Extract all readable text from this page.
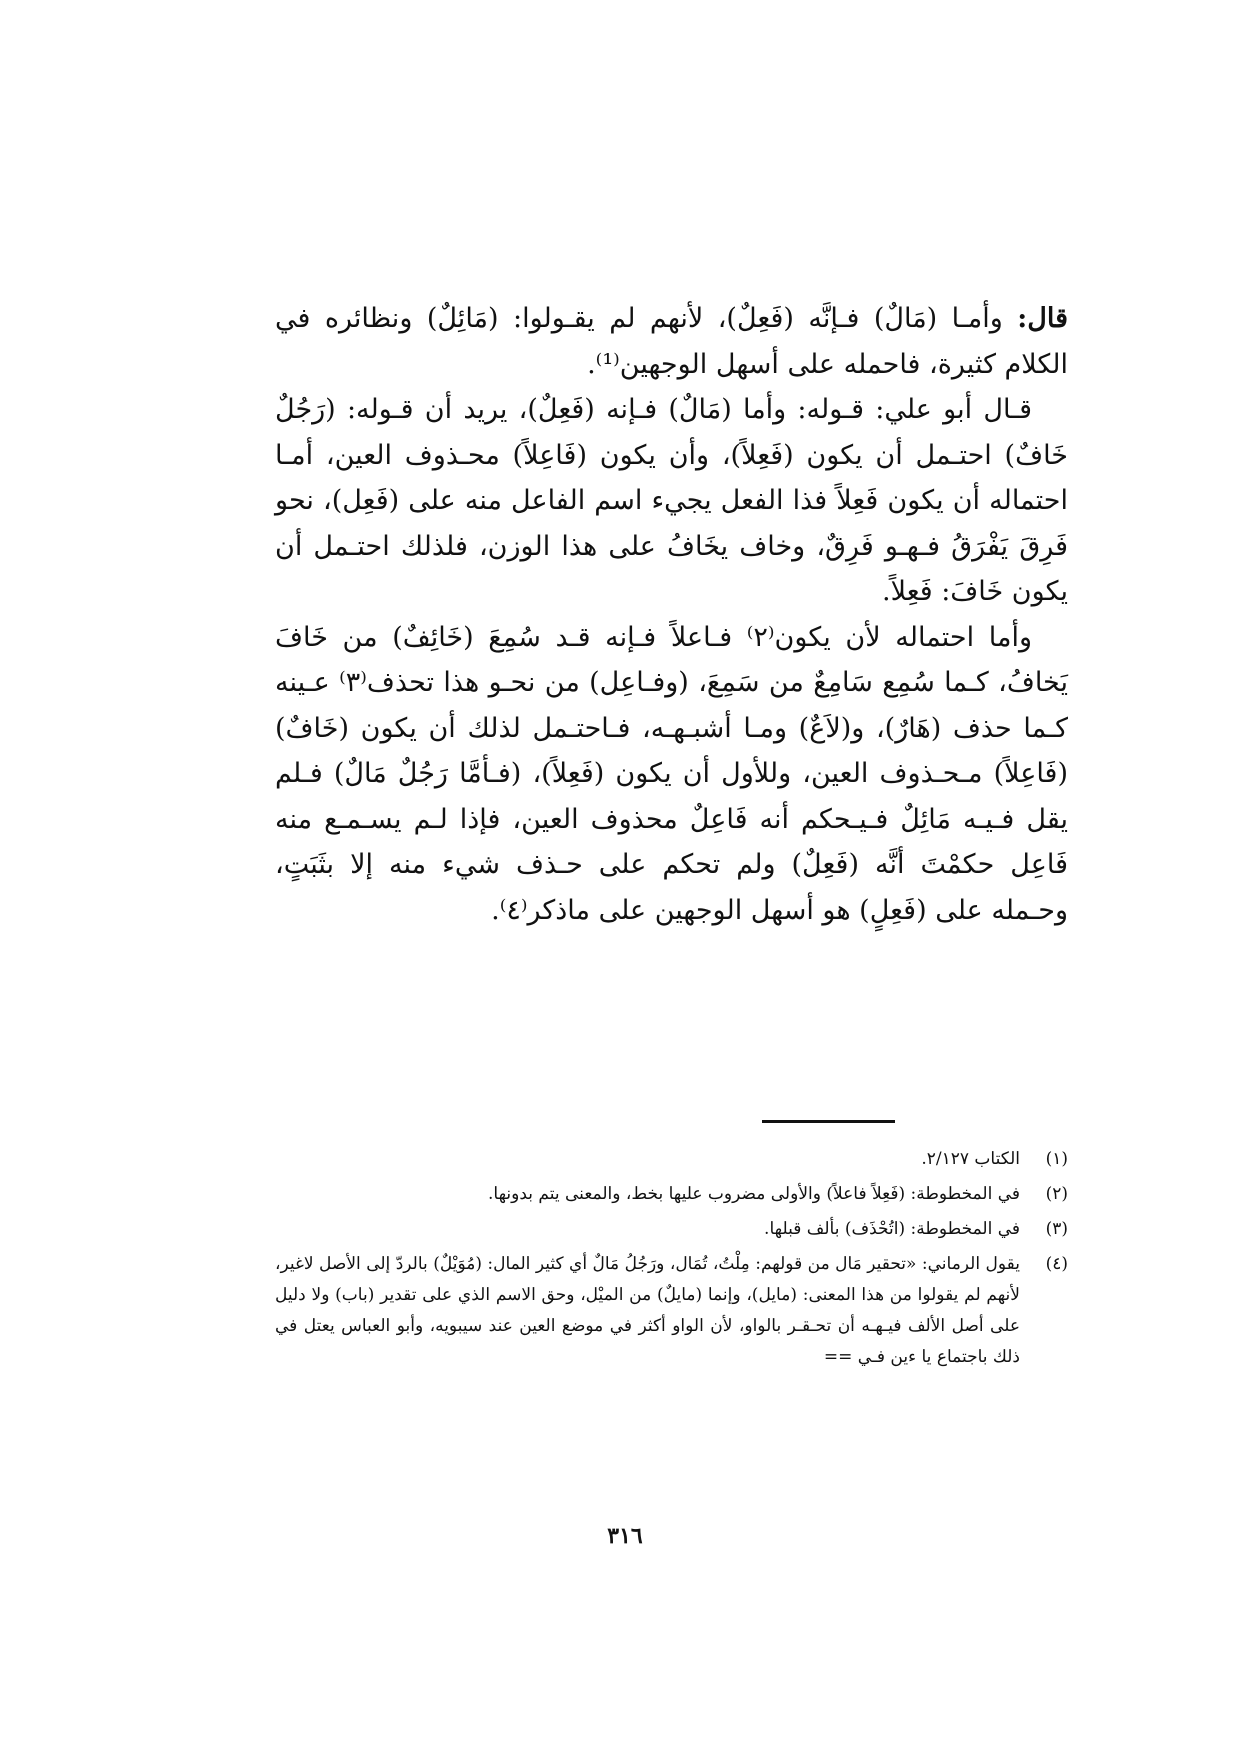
قال: وأمـا (مَالٌ) فـإنَّه (فَعِلٌ)، لأنهم لم يقـولوا: (مَائِلٌ) ونظائره في الكلام كثيرة، فاحمله على أسهل الوجهين⁽¹⁾.

قـال أبو علي: قـوله: وأما (مَالٌ) فـإنه (فَعِلٌ)، يريد أن قـوله: (رَجُلٌ خَافٌ) احتـمل أن يكون (فَعِلاً)، وأن يكون (فَاعِلاً) محـذوف العين، أمـا احتماله أن يكون فَعِلاً فذا الفعل يجيء اسم الفاعل منه على (فَعِل)، نحو فَرِقَ يَفْرَقُ فـهـو فَرِقٌ، وخاف يخَافُ على هذا الوزن، فلذلك احتـمل أن يكون خَافَ: فَعِلاً.

وأما احتماله لأن يكون⁽٢⁾ فـاعلاً فـإنه قـد سُمِعَ (خَائِفٌ) من خَافَ يَخافُ، كـما سُمِع سَامِعٌ من سَمِعَ، (وفـاعِل) من نحـو هذا تحذف⁽٣⁾ عـينه كـما حذف (هَارٌ)، و(لاَعٌ) ومـا أشبـهـه، فـاحتـمل لذلك أن يكون (خَافٌ) (فَاعِلاً) مـحـذوف العين، وللأول أن يكون (فَعِلاً)، (فـأمَّا رَجُلٌ مَالٌ) فـلم يقل فـيـه مَائِلٌ فـيـحكم أنه فَاعِلٌ محذوف العين، فإذا لـم يسـمـع منه فَاعِل حكمْتَ أنَّه (فَعِلٌ) ولم تحكم على حـذف شيء منه إلا بثَبَتٍ، وحـمله على (فَعِلٍ) هو أسهل الوجهين على ماذكر⁽٤⁾.

(١)
الكتاب ٢/١٢٧.
(٢)
في المخطوطة: (فَعِلاً فاعلاً) والأولى مضروب عليها بخط، والمعنى يتم بدونها.
(٣)
في المخطوطة: (اتُحْذَف) بألف قبلها.
(٤)
يقول الرماني: «تحقير مَال من قولهم: مِلْتُ، تُمَال، ورَجُلُ مَالٌ أي كثير المال: (مُوَيْلٌ) بالردّ إلى الأصل لاغير، لأنهم لم يقولوا من هذا المعنى: (مايل)، وإنما (مايلٌ) من الميْل، وحق الاسم الذي على تقدير (باب) ولا دليل على أصل الألف فيـهـه أن تحـقـر بالواو، لأن الواو أكثر في موضع العين عند سيبويه، وأبو العباس يعتل في ذلك باجتماع يا ءين فـي ==
٣١٦
